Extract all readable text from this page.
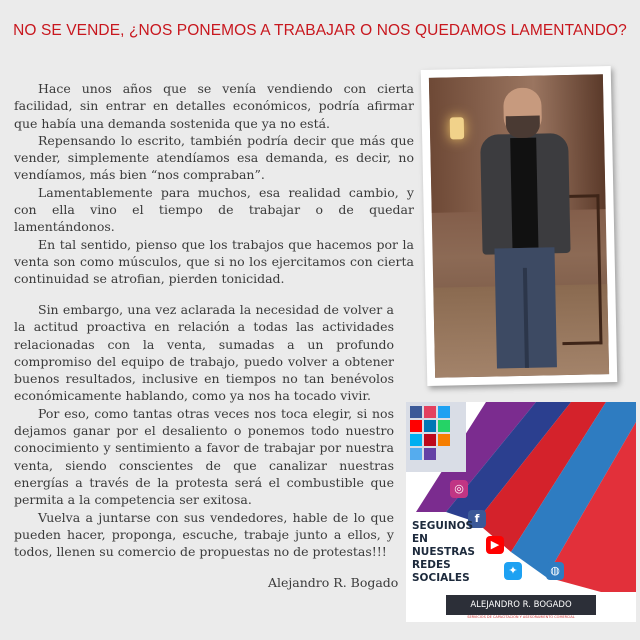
NO SE VENDE, ¿NOS PONEMOS A TRABAJAR O NOS QUEDAMOS LAMENTANDO?

Hace unos años que se venía vendiendo con cierta facilidad, sin entrar en detalles económicos, podría afirmar que había una demanda sostenida que ya no está.

Repensando lo escrito, también podría decir que más que vender, simplemente atendíamos esa demanda, es decir, no vendíamos, más bien “nos compraban”.

Lamentablemente para muchos, esa realidad cambio, y con ella vino el tiempo de trabajar o de quedar lamentándonos.

En tal sentido, pienso que los trabajos que hacemos por la venta son como músculos, que si no los ejercitamos con cierta continuidad se atrofian, pierden tonicidad.

Sin embargo, una vez aclarada la necesidad de volver a la actitud proactiva en relación a todas las actividades relacionadas con la venta, sumadas a un profundo compromiso del equipo de trabajo, puedo volver a obtener buenos resultados, inclusive en tiempos no tan benévolos económicamente hablando, como ya nos ha tocado vivir.

Por eso, como tantas otras veces nos toca elegir, si nos dejamos ganar por el desaliento o ponemos todo nuestro conocimiento y sentimiento a favor de trabajar por nuestra venta, siendo conscientes de que canalizar nuestras energías a través de la protesta será el combustible que permita a la competencia ser exitosa.

Vuelva a juntarse con sus vendedores, hable de lo que pueden hacer, proponga, escuche, trabaje junto a ellos, y todos, llenen su comercio de propuestas no de protestas!!!

Alejandro R. Bogado
◎
f
▶
✦	◍
SEGUINOS
EN
NUESTRAS
REDES
SOCIALES
ALEJANDRO R. BOGADO
SERVICIOS DE CAPACITACIÓN Y ASESORAMIENTO COMERCIAL
